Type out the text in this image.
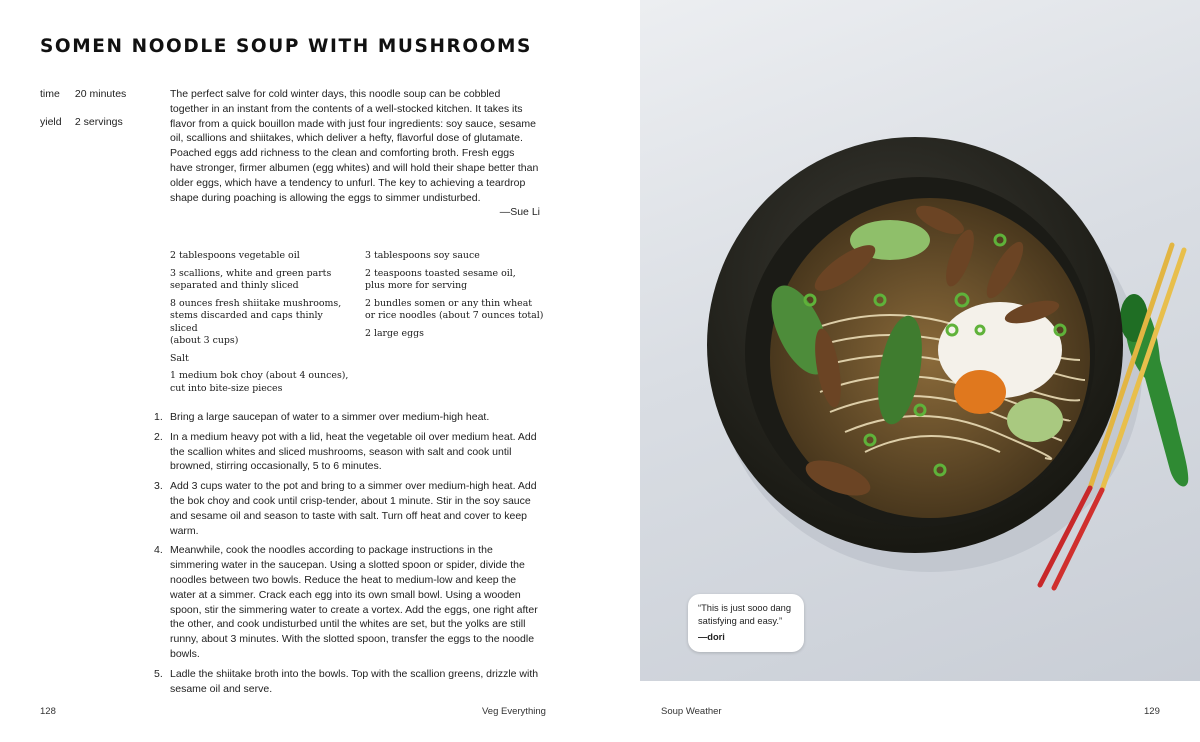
SOMEN NOODLE SOUP WITH MUSHROOMS
time 20 minutes
yield 2 servings

The perfect salve for cold winter days, this noodle soup can be cobbled together in an instant from the contents of a well-stocked kitchen. It takes its flavor from a quick bouillon made with just four ingredients: soy sauce, sesame oil, scallions and shiitakes, which deliver a hefty, flavorful dose of glutamate. Poached eggs add richness to the clean and comforting broth. Fresh eggs have stronger, firmer albumen (egg whites) and will hold their shape better than older eggs, which have a tendency to unfurl. The key to achieving a teardrop shape during poaching is allowing the eggs to simmer undisturbed.

—Sue Li

2 tablespoons vegetable oil
3 scallions, white and green parts
separated and thinly sliced
8 ounces fresh shiitake mushrooms,
stems discarded and caps thinly sliced
(about 3 cups)
Salt
1 medium bok choy (about 4 ounces),
cut into bite-size pieces
3 tablespoons soy sauce
2 teaspoons toasted sesame oil,
plus more for serving
2 bundles somen or any thin wheat
or rice noodles (about 7 ounces total)
2 large eggs
1. Bring a large saucepan of water to a simmer over medium-high heat.
2. In a medium heavy pot with a lid, heat the vegetable oil over medium heat. Add the scallion whites and sliced mushrooms, season with salt and cook until browned, stirring occasionally, 5 to 6 minutes.
3. Add 3 cups water to the pot and bring to a simmer over medium-high heat. Add the bok choy and cook until crisp-tender, about 1 minute. Stir in the soy sauce and sesame oil and season to taste with salt. Turn off heat and cover to keep warm.
4. Meanwhile, cook the noodles according to package instructions in the simmering water in the saucepan. Using a slotted spoon or spider, divide the noodles between two bowls. Reduce the heat to medium-low and keep the water at a simmer. Crack each egg into its own small bowl. Using a wooden spoon, stir the simmering water to create a vortex. Add the eggs, one right after the other, and cook undisturbed until the whites are set, but the yolks are still runny, about 3 minutes. With the slotted spoon, transfer the eggs to the noodle bowls.
5. Ladle the shiitake broth into the bowls. Top with the scallion greens, drizzle with sesame oil and serve.
128	Veg Everything
“This is just sooo dang satisfying and easy.”
—dori
Soup Weather	129
